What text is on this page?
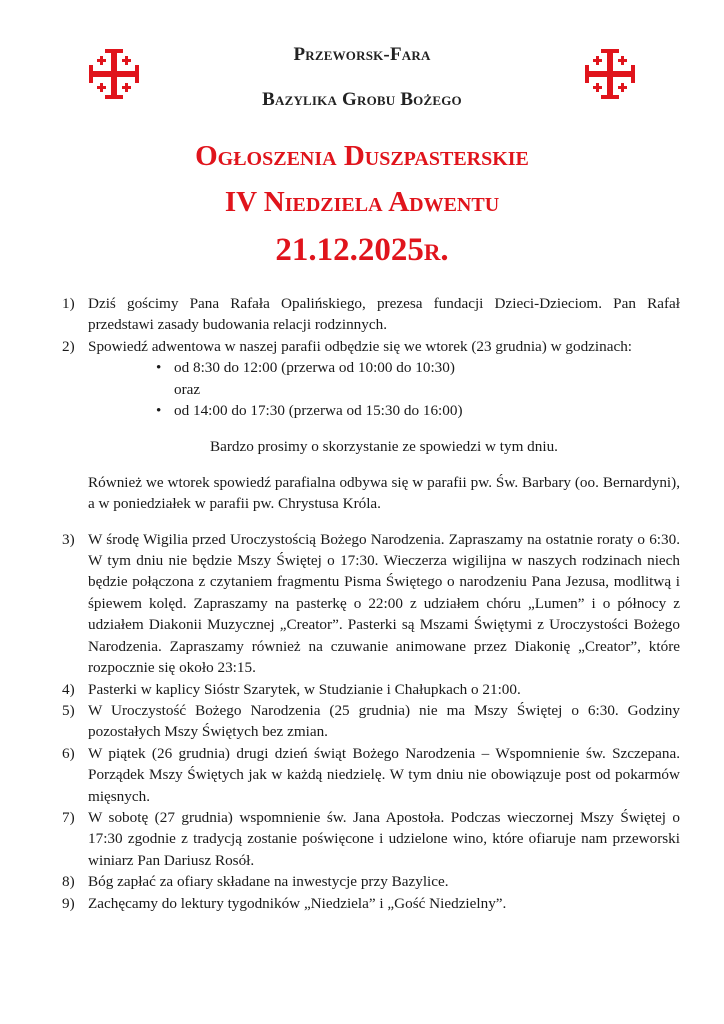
Przeworsk-Fara
Bazylika Grobu Bożego
Ogłoszenia Duszpasterskie
IV Niedziela Adwentu
21.12.2025r.
1) Dziś gościmy Pana Rafała Opalińskiego, prezesa fundacji Dzieci-Dzieciom. Pan Rafał przedstawi zasady budowania relacji rodzinnych.
2) Spowiedź adwentowa w naszej parafii odbędzie się we wtorek (23 grudnia) w godzinach:
• od 8:30 do 12:00 (przerwa od 10:00 do 10:30)
oraz
• od 14:00 do 17:30 (przerwa od 15:30 do 16:00)
Bardzo prosimy o skorzystanie ze spowiedzi w tym dniu.
Również we wtorek spowiedź parafialna odbywa się w parafii pw. Św. Barbary (oo. Bernardyni), a w poniedziałek w parafii pw. Chrystusa Króla.
3) W środę Wigilia przed Uroczystością Bożego Narodzenia. Zapraszamy na ostatnie roraty o 6:30. W tym dniu nie będzie Mszy Świętej o 17:30. Wieczerza wigilijna w naszych rodzinach niech będzie połączona z czytaniem fragmentu Pisma Świętego o narodzeniu Pana Jezusa, modlitwą i śpiewem kolęd. Zapraszamy na pasterkę o 22:00 z udziałem chóru „Lumen” i o północy z udziałem Diakonii Muzycznej „Creator”. Pasterki są Mszami Świętymi z Uroczystości Bożego Narodzenia. Zapraszamy również na czuwanie animowane przez Diakonię „Creator”, które rozpocznie się około 23:15.
4) Pasterki w kaplicy Sióstr Szarytek, w Studzianie i Chałupkach o 21:00.
5) W Uroczystość Bożego Narodzenia (25 grudnia) nie ma Mszy Świętej o 6:30. Godziny pozostałych Mszy Świętych bez zmian.
6) W piątek (26 grudnia) drugi dzień świąt Bożego Narodzenia – Wspomnienie św. Szczepana. Porządek Mszy Świętych jak w każdą niedzielę. W tym dniu nie obowiązuje post od pokarmów mięsnych.
7) W sobotę (27 grudnia) wspomnienie św. Jana Apostoła. Podczas wieczornej Mszy Świętej o 17:30 zgodnie z tradycją zostanie poświęcone i udzielone wino, które ofiaruje nam przeworski winiarz Pan Dariusz Rosół.
8) Bóg zapłać za ofiary składane na inwestycje przy Bazylice.
9) Zachęcamy do lektury tygodników „Niedziela” i „Gość Niedzielny”.
